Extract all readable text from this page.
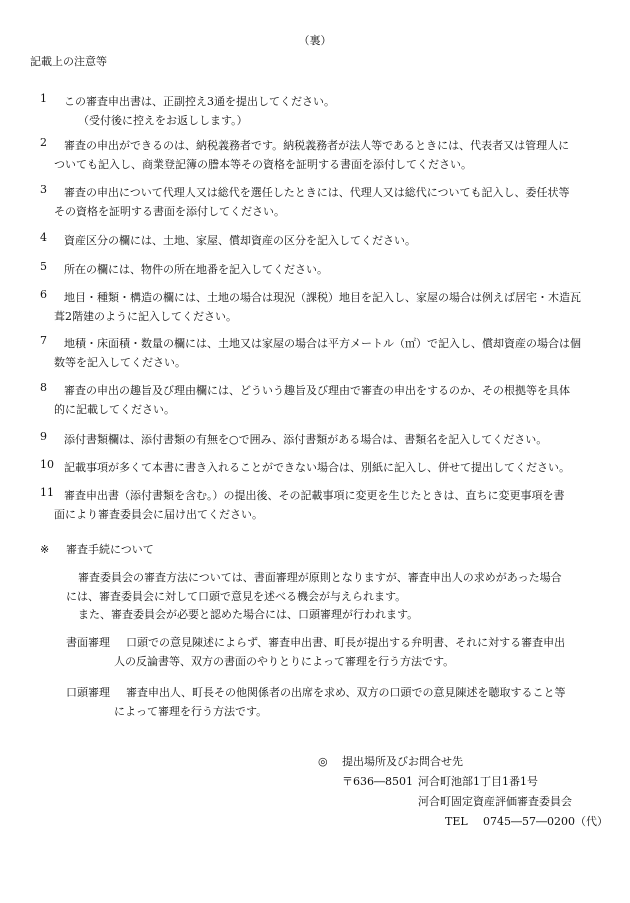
（裏）
記載上の注意等
1	この審査申出書は、正副控え3通を提出してください。
（受付後に控えをお返しします。）
2	審査の申出ができるのは、納税義務者です。納税義務者が法人等であるときには、代表者又は管理人に
ついても記入し、商業登記簿の謄本等その資格を証明する書面を添付してください。
3	審査の申出について代理人又は総代を選任したときには、代理人又は総代についても記入し、委任状等
その資格を証明する書面を添付してください。
4	資産区分の欄には、土地、家屋、償却資産の区分を記入してください。
5	所在の欄には、物件の所在地番を記入してください。
6	地目・種類・構造の欄には、土地の場合は現況（課税）地目を記入し、家屋の場合は例えば居宅・木造瓦
葺2階建のように記入してください。
7	地積・床面積・数量の欄には、土地又は家屋の場合は平方メートル（㎡）で記入し、償却資産の場合は個
数等を記入してください。
8	審査の申出の趣旨及び理由欄には、どういう趣旨及び理由で審査の申出をするのか、その根拠等を具体
的に記載してください。
9	添付書類欄は、添付書類の有無を○で囲み、添付書類がある場合は、書類名を記入してください。
10 記載事項が多くて本書に書き入れることができない場合は、別紙に記入し、併せて提出してください。
11 審査申出書（添付書類を含む。）の提出後、その記載事項に変更を生じたときは、直ちに変更事項を書
面により審査委員会に届け出てください。
※ 審査手続について
審査委員会の審査方法については、書面審理が原則となりますが、審査申出人の求めがあった場合
には、審査委員会に対して口頭で意見を述べる機会が与えられます。
また、審査委員会が必要と認めた場合には、口頭審理が行われます。
書面審理 口頭での意見陳述によらず、審査申出書、町長が提出する弁明書、それに対する審査申出
人の反論書等、双方の書面のやりとりによって審理を行う方法です。
口頭審理 審査申出人、町長その他関係者の出席を求め、双方の口頭での意見陳述を聴取すること等
によって審理を行う方法です。
◎ 提出場所及びお問合せ先
〒636―8501 河合町池部1丁目1番1号
河合町固定資産評価審査委員会
TEL 0745―57―0200（代）
